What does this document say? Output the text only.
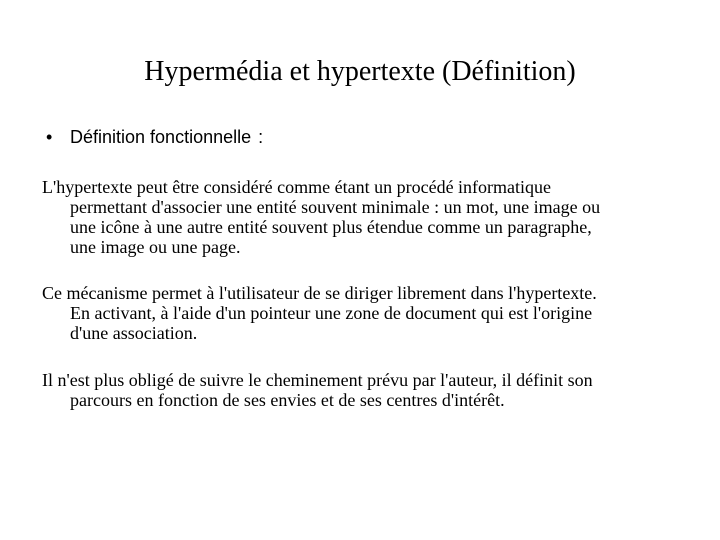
Hypermédia et hypertexte (Définition)
• Définition fonctionnelle :
L'hypertexte peut être considéré comme étant un procédé informatique
permettant d'associer une entité souvent minimale : un mot, une image ou
une icône à une autre entité souvent plus étendue comme un paragraphe,
une image ou une page.
Ce mécanisme permet à l'utilisateur de se diriger librement dans l'hypertexte.
En activant, à l'aide d'un pointeur une zone de document qui est l'origine
d'une association.
Il n'est plus obligé de suivre le cheminement prévu par l'auteur, il définit son
parcours en fonction de ses envies et de ses centres d'intérêt.
